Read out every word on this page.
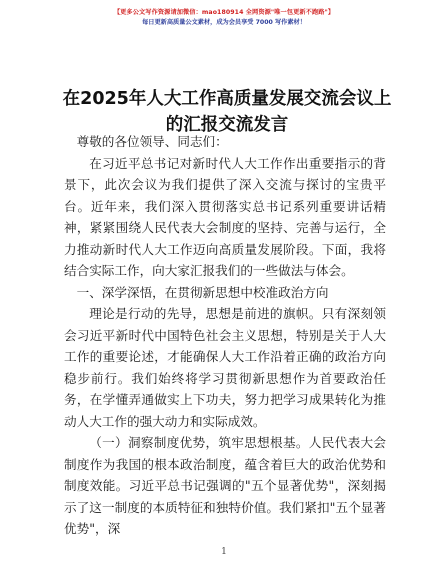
【更多公文写作资源请加微信：mao180914 全网资源"唯一包更新不跑路"】
每日更新高质量公文素材，成为会员享受 7000 写作素材！
在2025年人大工作高质量发展交流会议上的汇报交流发言

尊敬的各位领导、同志们：

在习近平总书记对新时代人大工作作出重要指示的背景下，此次会议为我们提供了深入交流与探讨的宝贵平台。近年来，我们深入贯彻落实总书记系列重要讲话精神，紧紧围绕人民代表大会制度的坚持、完善与运行，全力推动新时代人大工作迈向高质量发展阶段。下面，我将结合实际工作，向大家汇报我们的一些做法与体会。

一、深学深悟，在贯彻新思想中校准政治方向

理论是行动的先导，思想是前进的旗帜。只有深刻领会习近平新时代中国特色社会主义思想，特别是关于人大工作的重要论述，才能确保人大工作沿着正确的政治方向稳步前行。我们始终将学习贯彻新思想作为首要政治任务，在学懂弄通做实上下功夫，努力把学习成果转化为推动人大工作的强大动力和实际成效。

（一）洞察制度优势，筑牢思想根基。人民代表大会制度作为我国的根本政治制度，蕴含着巨大的政治优势和制度效能。习近平总书记强调的"五个显著优势"，深刻揭示了这一制度的本质特征和独特价值。我们紧扣"五个显著优势"，深

1
